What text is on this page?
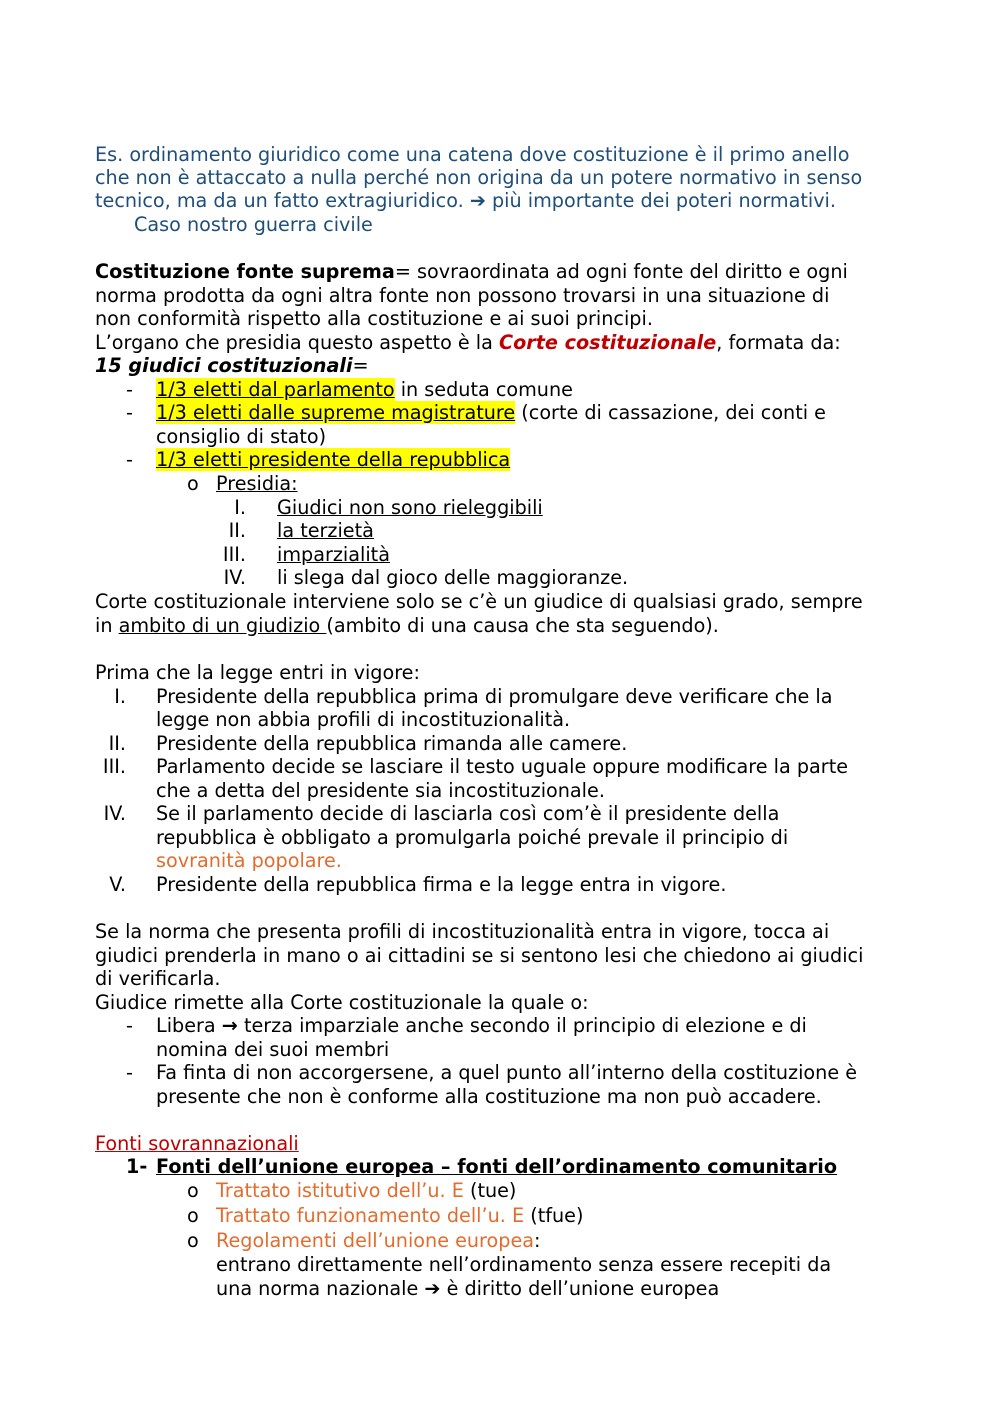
Es. ordinamento giuridico come una catena dove costituzione è il primo anello
che non è attaccato a nulla perché non origina da un potere normativo in senso
tecnico, ma da un fatto extragiuridico. ➔ più importante dei poteri normativi.
Caso nostro guerra civile
Costituzione fonte suprema= sovraordinata ad ogni fonte del diritto e ogni
norma prodotta da ogni altra fonte non possono trovarsi in una situazione di
non conformità rispetto alla costituzione e ai suoi principi.
L’organo che presidia questo aspetto è la Corte costituzionale, formata da:
15 giudici costituzionali=
- 1/3 eletti dal parlamento in seduta comune
- 1/3 eletti dalle supreme magistrature (corte di cassazione, dei conti e
consiglio di stato)
- 1/3 eletti presidente della repubblica
o Presidia:
I. Giudici non sono rieleggibili
II. la terzietà
III. imparzialità
IV. li slega dal gioco delle maggioranze.
Corte costituzionale interviene solo se c’è un giudice di qualsiasi grado, sempre
in ambito di un giudizio (ambito di una causa che sta seguendo).
Prima che la legge entri in vigore:
I. Presidente della repubblica prima di promulgare deve verificare che la
legge non abbia profili di incostituzionalità.
II. Presidente della repubblica rimanda alle camere.
III. Parlamento decide se lasciare il testo uguale oppure modificare la parte
che a detta del presidente sia incostituzionale.
IV. Se il parlamento decide di lasciarla così com’è il presidente della
repubblica è obbligato a promulgarla poiché prevale il principio di
sovranità popolare.
V. Presidente della repubblica firma e la legge entra in vigore.
Se la norma che presenta profili di incostituzionalità entra in vigore, tocca ai
giudici prenderla in mano o ai cittadini se si sentono lesi che chiedono ai giudici
di verificarla.
Giudice rimette alla Corte costituzionale la quale o:
- Libera → terza imparziale anche secondo il principio di elezione e di
nomina dei suoi membri
- Fa finta di non accorgersene, a quel punto all’interno della costituzione è
presente che non è conforme alla costituzione ma non può accadere.
Fonti sovrannazionali
1- Fonti dell’unione europea – fonti dell’ordinamento comunitario
o Trattato istitutivo dell’u. E (tue)
o Trattato funzionamento dell’u. E (tfue)
o Regolamenti dell’unione europea:
entrano direttamente nell’ordinamento senza essere recepiti da
una norma nazionale ➔ è diritto dell’unione europea
